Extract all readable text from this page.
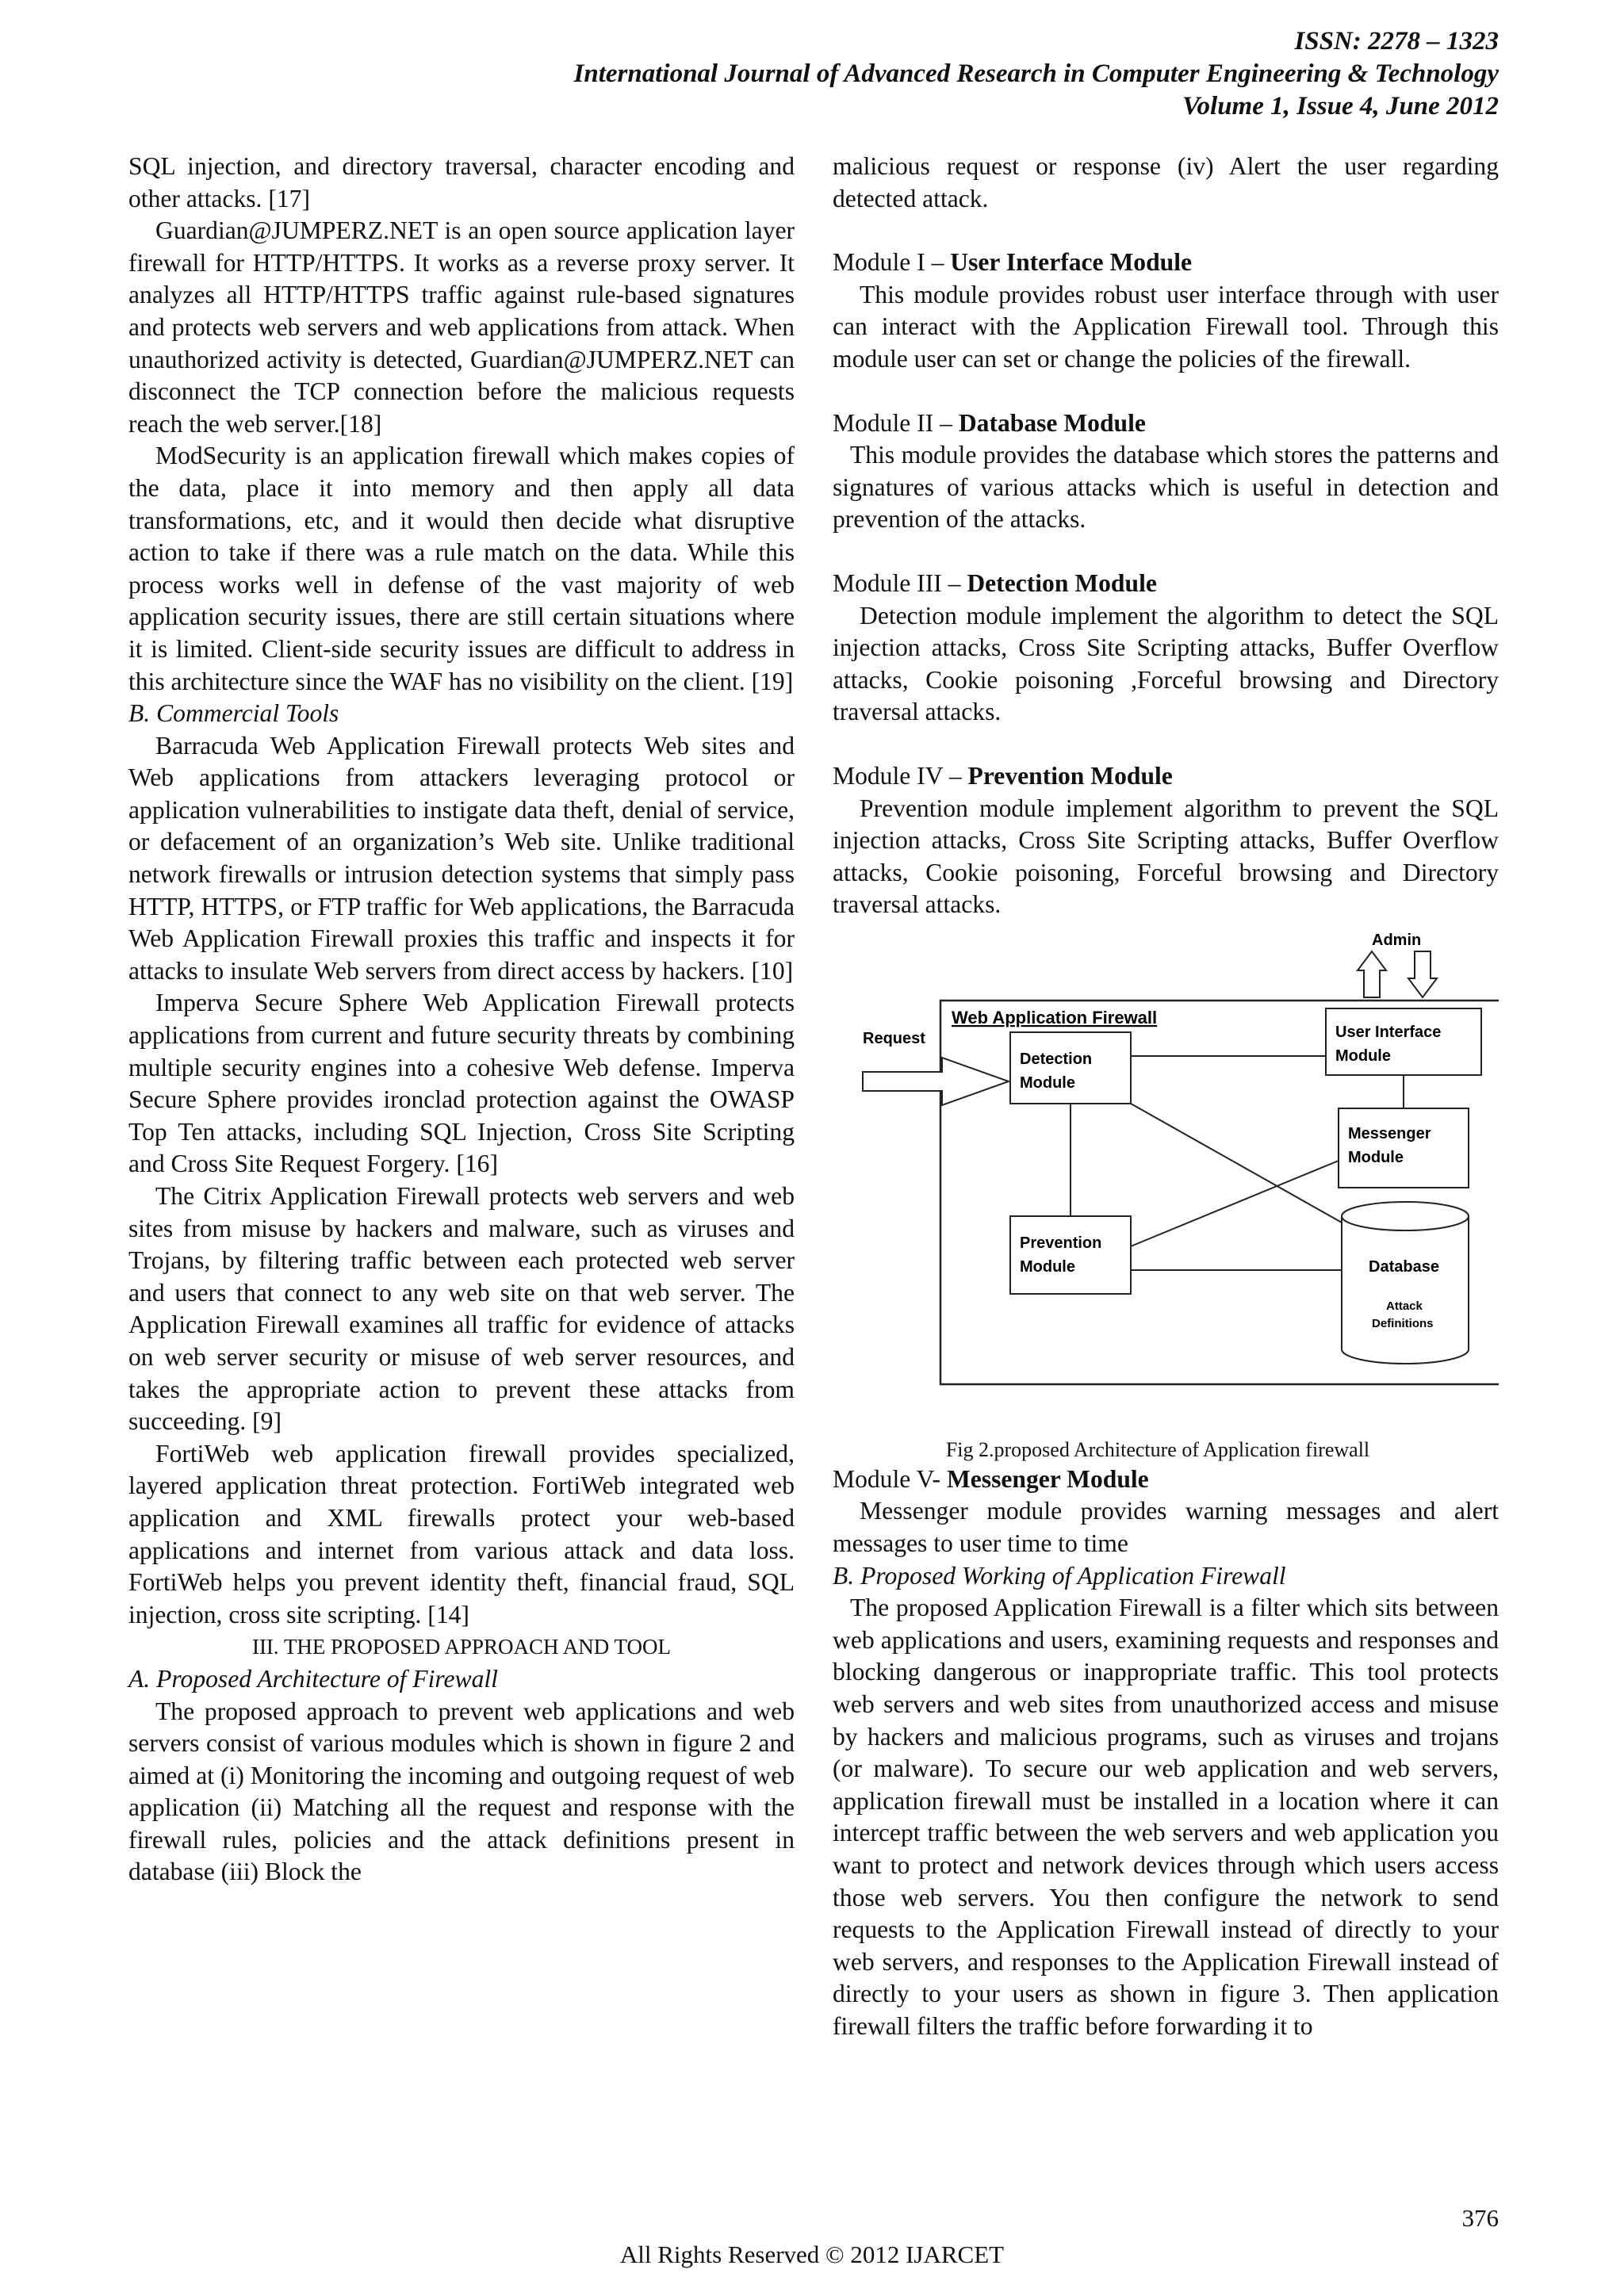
ISSN: 2278 – 1323
International Journal of Advanced Research in Computer Engineering & Technology
Volume 1, Issue 4, June 2012

SQL injection, and directory traversal, character encoding and other attacks. [17]

Guardian@JUMPERZ.NET is an open source application layer firewall for HTTP/HTTPS. It works as a reverse proxy server. It analyzes all HTTP/HTTPS traffic against rule-based signatures and protects web servers and web applications from attack. When unauthorized activity is detected, Guardian@JUMPERZ.NET can disconnect the TCP connection before the malicious requests reach the web server.[18]

ModSecurity is an application firewall which makes copies of the data, place it into memory and then apply all data transformations, etc, and it would then decide what disruptive action to take if there was a rule match on the data. While this process works well in defense of the vast majority of web application security issues, there are still certain situations where it is limited. Client-side security issues are difficult to address in this architecture since the WAF has no visibility on the client. [19]

B. Commercial Tools

Barracuda Web Application Firewall protects Web sites and Web applications from attackers leveraging protocol or application vulnerabilities to instigate data theft, denial of service, or defacement of an organization’s Web site. Unlike traditional network firewalls or intrusion detection systems that simply pass HTTP, HTTPS, or FTP traffic for Web applications, the Barracuda Web Application Firewall proxies this traffic and inspects it for attacks to insulate Web servers from direct access by hackers. [10]

Imperva Secure Sphere Web Application Firewall protects applications from current and future security threats by combining multiple security engines into a cohesive Web defense. Imperva Secure Sphere provides ironclad protection against the OWASP Top Ten attacks, including SQL Injection, Cross Site Scripting and Cross Site Request Forgery. [16]

The Citrix Application Firewall protects web servers and web sites from misuse by hackers and malware, such as viruses and Trojans, by filtering traffic between each protected web server and users that connect to any web site on that web server. The Application Firewall examines all traffic for evidence of attacks on web server security or misuse of web server resources, and takes the appropriate action to prevent these attacks from succeeding. [9]

FortiWeb web application firewall provides specialized, layered application threat protection. FortiWeb integrated web application and XML firewalls protect your web-based applications and internet from various attack and data loss. FortiWeb helps you prevent identity theft, financial fraud, SQL injection, cross site scripting. [14]

III. THE PROPOSED APPROACH AND TOOL

A. Proposed Architecture of Firewall

The proposed approach to prevent web applications and web servers consist of various modules which is shown in figure 2 and aimed at (i) Monitoring the incoming and outgoing request of web application (ii) Matching all the request and response with the firewall rules, policies and the attack definitions present in database (iii) Block the

malicious request or response (iv) Alert the user regarding detected attack.

Module I – User Interface Module

This module provides robust user interface through with user can interact with the Application Firewall tool. Through this module user can set or change the policies of the firewall.

Module II – Database Module

This module provides the database which stores the patterns and signatures of various attacks which is useful in detection and prevention of the attacks.

Module III – Detection Module

Detection module implement the algorithm to detect the SQL injection attacks, Cross Site Scripting attacks, Buffer Overflow attacks, Cookie poisoning ,Forceful browsing and Directory traversal attacks.

Module IV – Prevention Module

Prevention module implement algorithm to prevent the SQL injection attacks, Cross Site Scripting attacks, Buffer Overflow attacks, Cookie poisoning, Forceful browsing and Directory traversal attacks.

Web Application Firewall
Admin
Request
Detection
Module
User Interface
Module
Messenger
Module
Prevention
Module	Database
Attack
Definitions

Fig 2.proposed Architecture of Application firewall

Module V- Messenger Module

Messenger module provides warning messages and alert messages to user time to time

B. Proposed Working of Application Firewall

The proposed Application Firewall is a filter which sits between web applications and users, examining requests and responses and blocking dangerous or inappropriate traffic. This tool protects web servers and web sites from unauthorized access and misuse by hackers and malicious programs, such as viruses and trojans (or malware). To secure our web application and web servers, application firewall must be installed in a location where it can intercept traffic between the web servers and web application you want to protect and network devices through which users access those web servers. You then configure the network to send requests to the Application Firewall instead of directly to your web servers, and responses to the Application Firewall instead of directly to your users as shown in figure 3. Then application firewall filters the traffic before forwarding it to

376
All Rights Reserved © 2012 IJARCET
